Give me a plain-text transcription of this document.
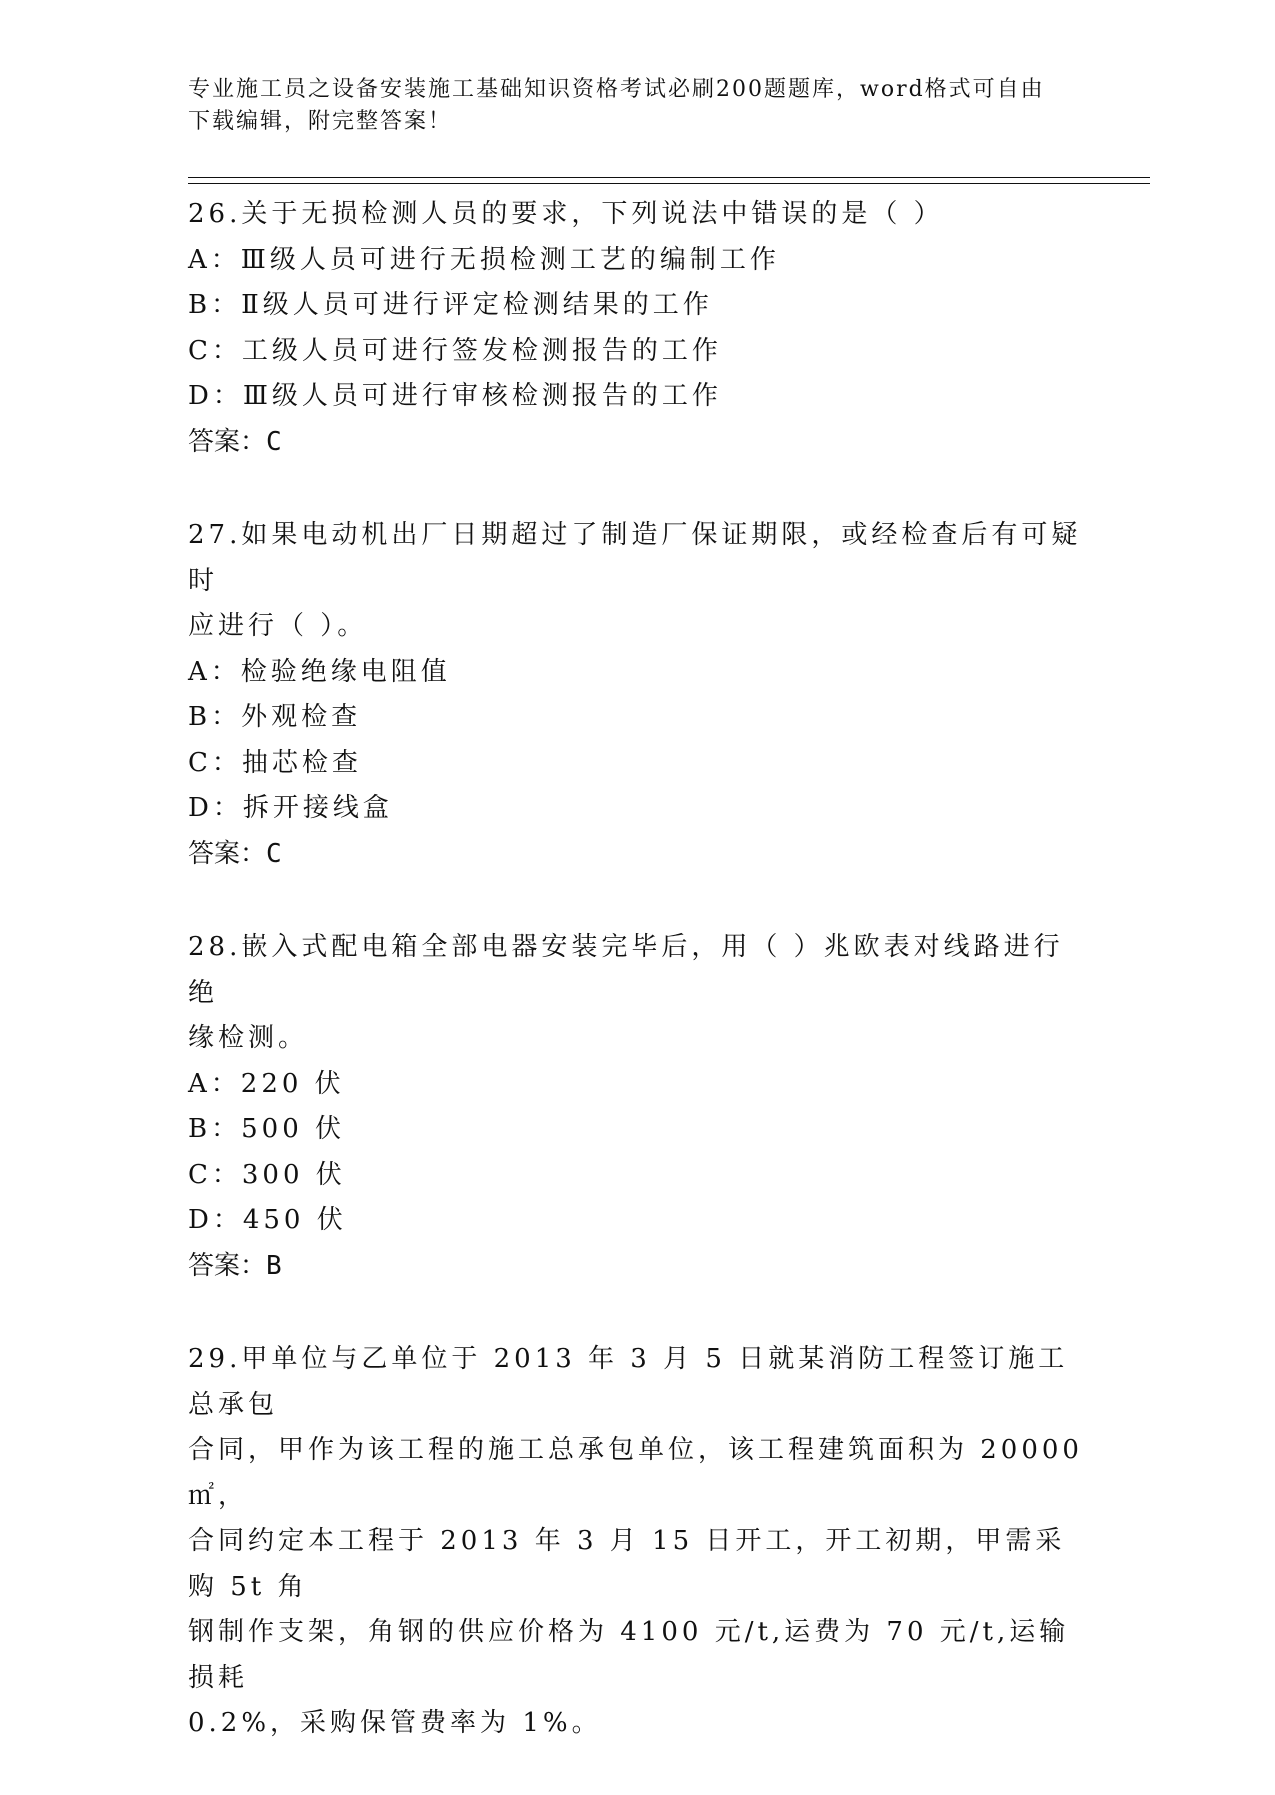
专业施工员之设备安装施工基础知识资格考试必刷200题题库，word格式可自由
下载编辑，附完整答案！
26.关于无损检测人员的要求，下列说法中错误的是（ ）
A：Ⅲ级人员可进行无损检测工艺的编制工作
B：Ⅱ级人员可进行评定检测结果的工作
C：工级人员可进行签发检测报告的工作
D：Ⅲ级人员可进行审核检测报告的工作
答案：C
27.如果电动机出厂日期超过了制造厂保证期限，或经检查后有可疑时
应进行（ ）。
A：检验绝缘电阻值
B：外观检查
C：抽芯检查
D：拆开接线盒
答案：C
28.嵌入式配电箱全部电器安装完毕后，用（ ）兆欧表对线路进行绝
缘检测。
A：220 伏
B：500 伏
C：300 伏
D：450 伏
答案：B
29.甲单位与乙单位于 2013 年 3 月 5 日就某消防工程签订施工总承包
合同，甲作为该工程的施工总承包单位，该工程建筑面积为 20000㎡，
合同约定本工程于 2013 年 3 月 15 日开工，开工初期，甲需采购 5t 角
钢制作支架，角钢的供应价格为 4100 元/t,运费为 70 元/t,运输损耗
0.2%，采购保管费率为 1%。
